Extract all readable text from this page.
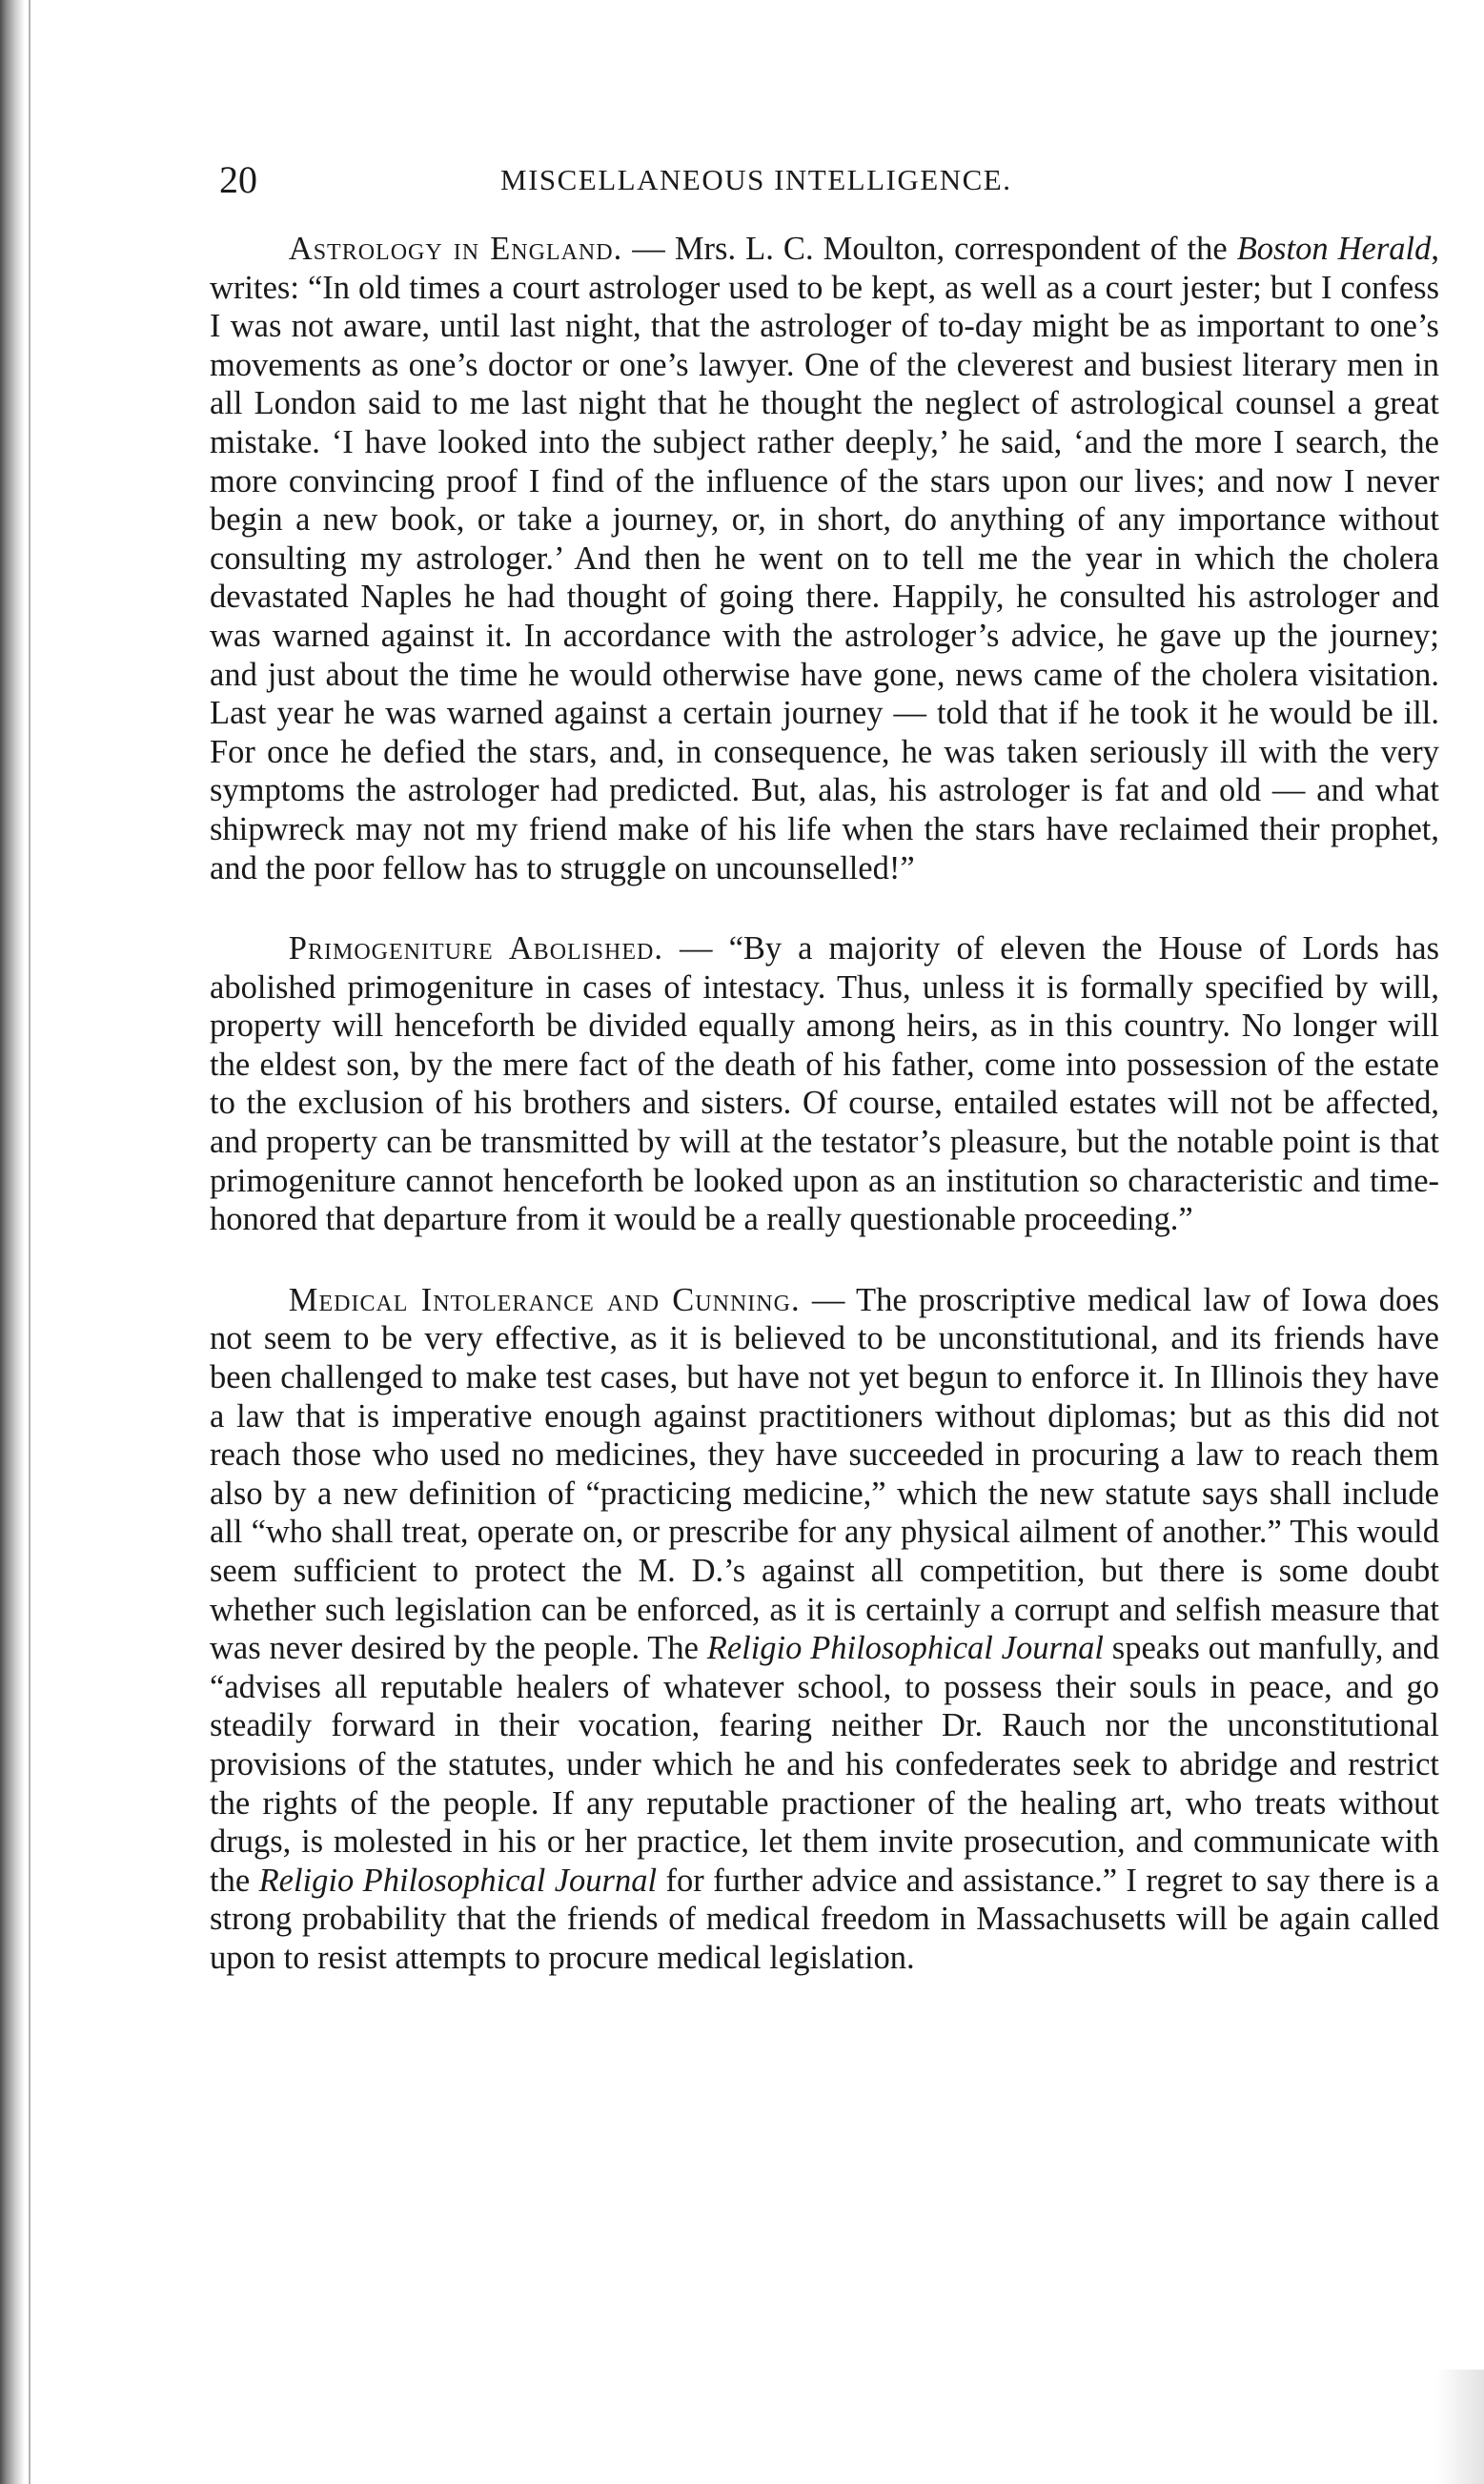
20	MISCELLANEOUS INTELLIGENCE.

Astrology in England. — Mrs. L. C. Moulton, correspondent of the Boston Herald, writes: “In old times a court astrologer used to be kept, as well as a court jester; but I confess I was not aware, until last night, that the astrologer of to-day might be as important to one’s movements as one’s doctor or one’s lawyer. One of the cleverest and busiest literary men in all London said to me last night that he thought the neglect of astrological counsel a great mistake. ‘I have looked into the subject rather deeply,’ he said, ‘and the more I search, the more convincing proof I find of the influence of the stars upon our lives; and now I never begin a new book, or take a journey, or, in short, do anything of any importance without consulting my astrologer.’ And then he went on to tell me the year in which the cholera devastated Naples he had thought of going there. Happily, he consulted his astrologer and was warned against it. In accordance with the astrologer’s advice, he gave up the journey; and just about the time he would otherwise have gone, news came of the cholera visitation. Last year he was warned against a certain journey — told that if he took it he would be ill. For once he defied the stars, and, in consequence, he was taken seriously ill with the very symptoms the astrologer had predicted. But, alas, his astrologer is fat and old — and what shipwreck may not my friend make of his life when the stars have reclaimed their prophet, and the poor fellow has to struggle on uncounselled!”

Primogeniture Abolished. — “By a majority of eleven the House of Lords has abolished primogeniture in cases of intestacy. Thus, unless it is formally specified by will, property will henceforth be divided equally among heirs, as in this country. No longer will the eldest son, by the mere fact of the death of his father, come into possession of the estate to the exclusion of his brothers and sisters. Of course, entailed estates will not be affected, and property can be transmitted by will at the testator’s pleasure, but the notable point is that primogeniture cannot henceforth be looked upon as an institution so characteristic and time-honored that departure from it would be a really questionable proceeding.”

Medical Intolerance and Cunning. — The proscriptive medical law of Iowa does not seem to be very effective, as it is believed to be unconstitutional, and its friends have been challenged to make test cases, but have not yet begun to enforce it. In Illinois they have a law that is imperative enough against practitioners without diplomas; but as this did not reach those who used no medicines, they have succeeded in procuring a law to reach them also by a new definition of “practicing medicine,” which the new statute says shall include all “who shall treat, operate on, or prescribe for any physical ailment of another.” This would seem sufficient to protect the M. D.’s against all competition, but there is some doubt whether such legislation can be enforced, as it is certainly a corrupt and selfish measure that was never desired by the people. The Religio Philosophical Journal speaks out manfully, and “advises all reputable healers of whatever school, to possess their souls in peace, and go steadily forward in their vocation, fearing neither Dr. Rauch nor the unconstitutional provisions of the statutes, under which he and his confederates seek to abridge and restrict the rights of the people. If any reputable practioner of the healing art, who treats without drugs, is molested in his or her practice, let them invite prosecution, and communicate with the Religio Philosophical Journal for further advice and assistance.” I regret to say there is a strong probability that the friends of medical freedom in Massachusetts will be again called upon to resist attempts to procure medical legislation.
